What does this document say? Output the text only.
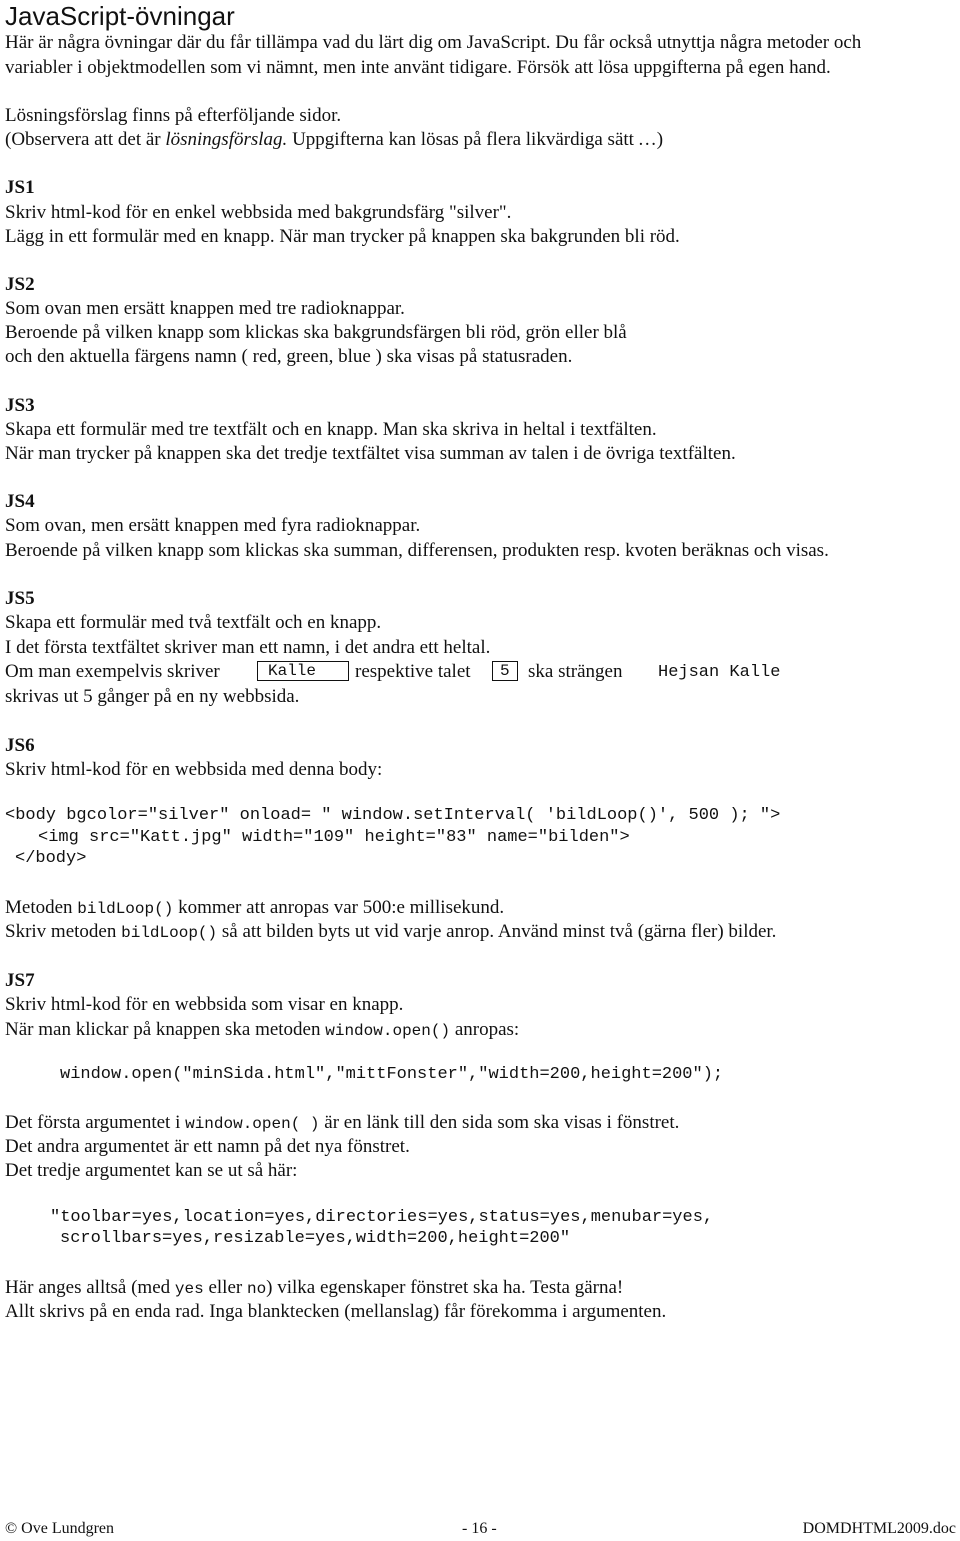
JavaScript-övningar
Här är några övningar där du får tillämpa vad du lärt dig om JavaScript. Du får också utnyttja några metoder och
variabler i objektmodellen som vi nämnt, men inte använt tidigare. Försök att lösa uppgifterna på egen hand.
Lösningsförslag finns på efterföljande sidor.
(Observera att det är lösningsförslag. Uppgifterna kan lösas på flera likvärdiga sätt …)
JS1
Skriv html-kod för en enkel webbsida med bakgrundsfärg "silver".
Lägg in ett formulär med en knapp. När man trycker på knappen ska bakgrunden bli röd.
JS2
Som ovan men ersätt knappen med tre radioknappar.
Beroende på vilken knapp som klickas ska bakgrundsfärgen bli röd, grön eller blå
och den aktuella färgens namn ( red, green, blue ) ska visas på statusraden.
JS3
Skapa ett formulär med tre textfält och en knapp. Man ska skriva in heltal i textfälten.
När man trycker på knappen ska det tredje textfältet visa summan av talen i de övriga textfälten.
JS4
Som ovan, men ersätt knappen med fyra radioknappar.
Beroende på vilken knapp som klickas ska summan, differensen, produkten resp. kvoten beräknas och visas.
JS5
Skapa ett formulär med två textfält och en knapp.
I det första textfältet skriver man ett namn, i det andra ett heltal.
Om man exempelvis skriver	Kalle	respektive talet	5 ska strängen Hejsan Kalle
skrivas ut 5 gånger på en ny webbsida.
JS6
Skriv html-kod för en webbsida med denna body:
<body bgcolor="silver" onload= " window.setInterval( 'bildLoop()', 500 ); ">
<img src="Katt.jpg" width="109" height="83" name="bilden">
</body>
Metoden bildLoop() kommer att anropas var 500:e millisekund.
Skriv metoden bildLoop() så att bilden byts ut vid varje anrop. Använd minst två (gärna fler) bilder.
JS7
Skriv html-kod för en webbsida som visar en knapp.
När man klickar på knappen ska metoden window.open() anropas:
window.open("minSida.html","mittFonster","width=200,height=200");
Det första argumentet i window.open( ) är en länk till den sida som ska visas i fönstret.
Det andra argumentet är ett namn på det nya fönstret.
Det tredje argumentet kan se ut så här:
"toolbar=yes,location=yes,directories=yes,status=yes,menubar=yes,
scrollbars=yes,resizable=yes,width=200,height=200"
Här anges alltså (med yes eller no) vilka egenskaper fönstret ska ha. Testa gärna!
Allt skrivs på en enda rad. Inga blanktecken (mellanslag) får förekomma i argumenten.
© Ove Lundgren	- 16 -	DOMDHTML2009.doc
